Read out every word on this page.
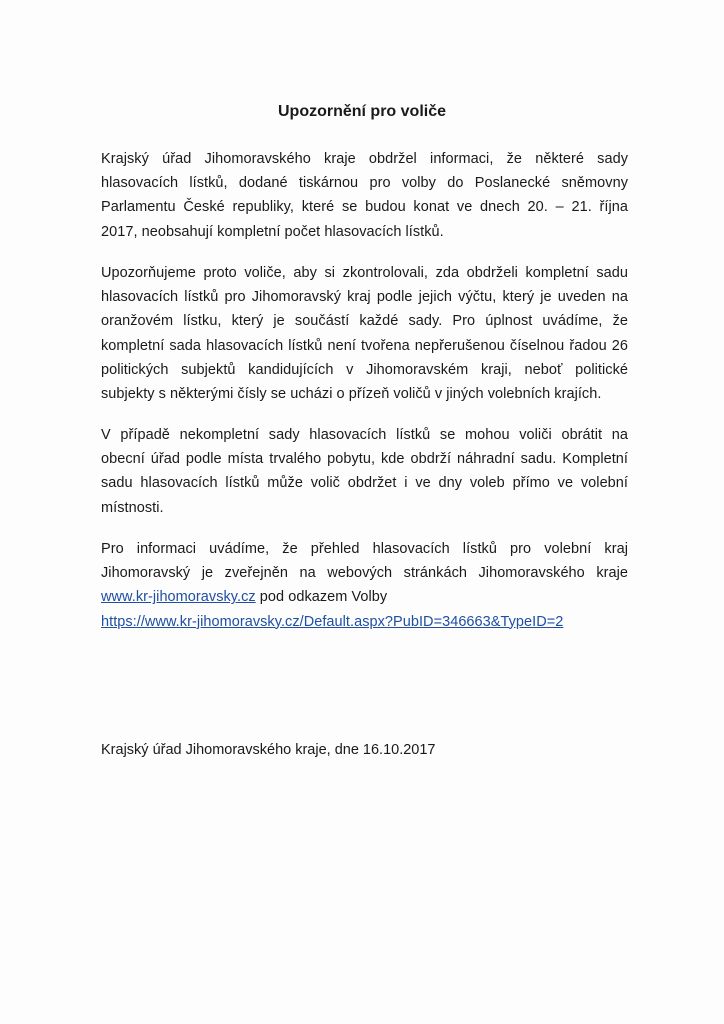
Upozornění pro voliče
Krajský úřad Jihomoravského kraje obdržel informaci, že některé sady
hlasovacích lístků, dodané tiskárnou pro volby do Poslanecké sněmovny
Parlamentu České republiky, které se budou konat ve dnech 20. – 21. října
2017, neobsahují kompletní počet hlasovacích lístků.
Upozorňujeme proto voliče, aby si zkontrolovali, zda obdrželi kompletní sadu
hlasovacích lístků pro Jihomoravský kraj podle jejich výčtu, který je uveden na
oranžovém lístku, který je součástí každé sady. Pro úplnost uvádíme, že
kompletní sada hlasovacích lístků není tvořena nepřerušenou číselnou řadou 26
politických subjektů kandidujících v Jihomoravském kraji, neboť politické
subjekty s některými čísly se ucházi o přízeň voličů v jiných volebních krajích.
V případě nekompletní sady hlasovacích lístků se mohou voliči obrátit na
obecní úřad podle místa trvalého pobytu, kde obdrží náhradní sadu. Kompletní
sadu hlasovacích lístků může volič obdržet i ve dny voleb přímo ve volební
místnosti.
Pro informaci uvádíme, že přehled hlasovacích lístků pro volební kraj
Jihomoravský je zveřejněn na webových stránkách Jihomoravského kraje
www.kr-jihomoravsky.cz pod odkazem Volby
https://www.kr-jihomoravsky.cz/Default.aspx?PubID=346663&TypeID=2
Krajský úřad Jihomoravského kraje, dne 16.10.2017
